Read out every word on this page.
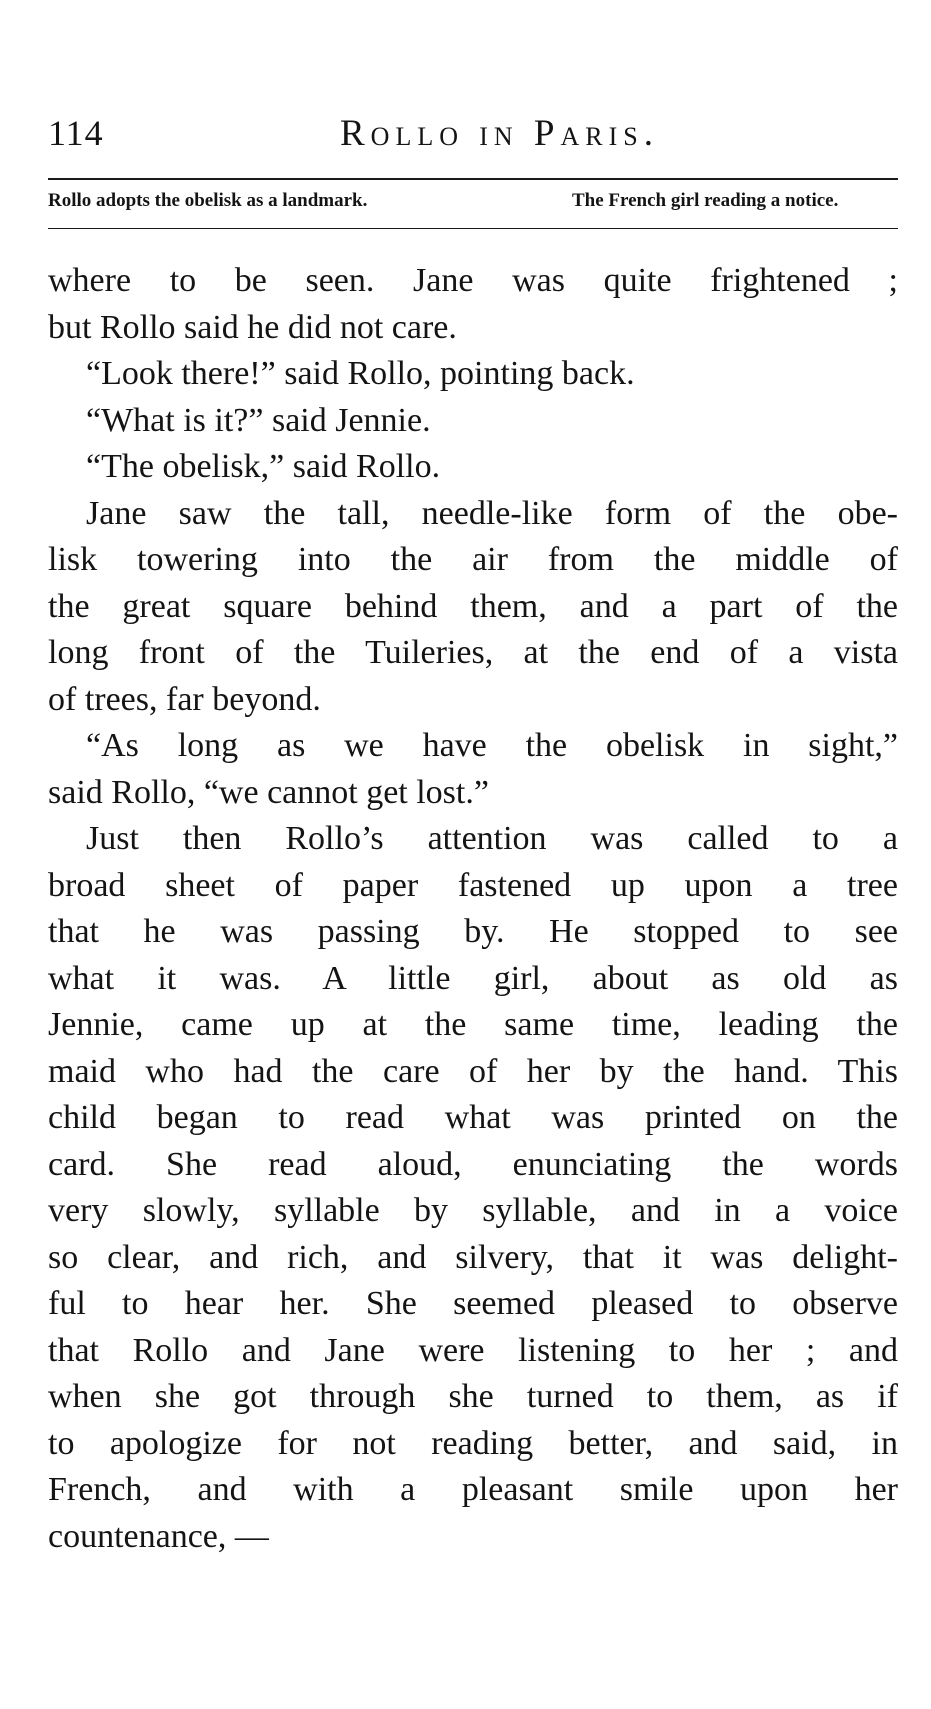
114	Rollo in Paris.
Rollo adopts the obelisk as a landmark.	The French girl reading a notice.
where to be seen. Jane was quite frightened ;
but Rollo said he did not care.
“Look there!” said Rollo, pointing back.
“What is it?” said Jennie.
“The obelisk,” said Rollo.
Jane saw the tall, needle-like form of the obe-
lisk towering into the air from the middle of
the great square behind them, and a part of the
long front of the Tuileries, at the end of a vista
of trees, far beyond.
“As long as we have the obelisk in sight,”
said Rollo, “we cannot get lost.”
Just then Rollo’s attention was called to a
broad sheet of paper fastened up upon a tree
that he was passing by. He stopped to see
what it was. A little girl, about as old as
Jennie, came up at the same time, leading the
maid who had the care of her by the hand. This
child began to read what was printed on the
card. She read aloud, enunciating the words
very slowly, syllable by syllable, and in a voice
so clear, and rich, and silvery, that it was delight-
ful to hear her. She seemed pleased to observe
that Rollo and Jane were listening to her ; and
when she got through she turned to them, as if
to apologize for not reading better, and said, in
French, and with a pleasant smile upon her
countenance, —
